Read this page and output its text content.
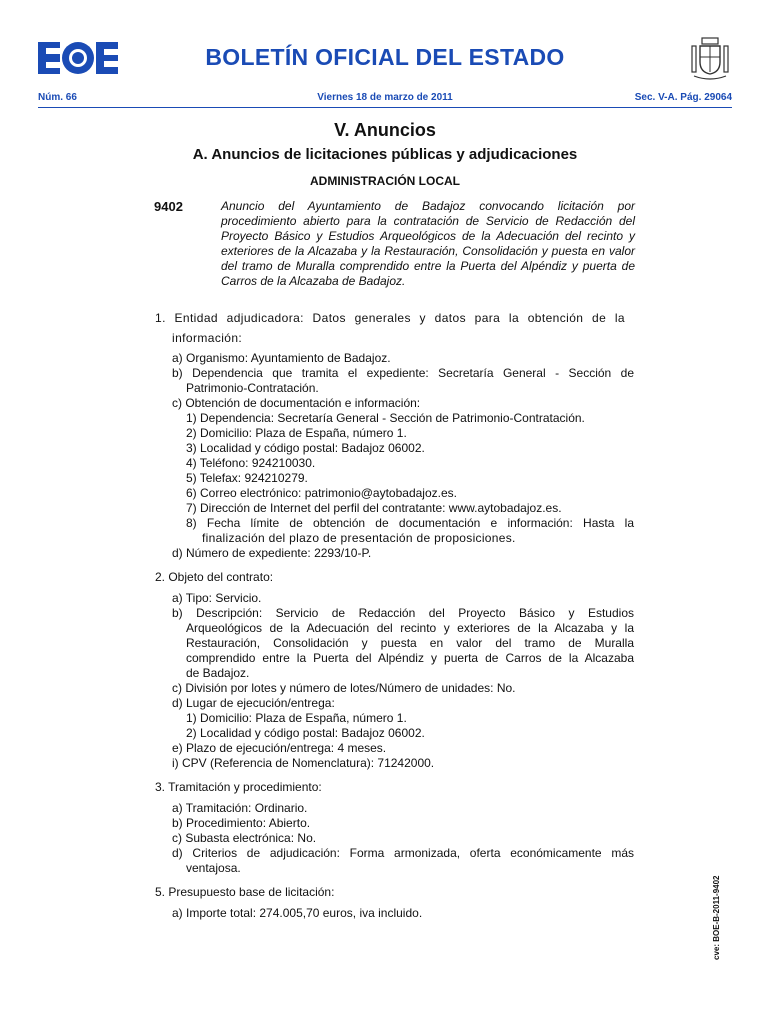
BOLETÍN OFICIAL DEL ESTADO
Núm. 66	Viernes 18 de marzo de 2011	Sec. V-A. Pág. 29064
V. Anuncios
A. Anuncios de licitaciones públicas y adjudicaciones
ADMINISTRACIÓN LOCAL
9402	Anuncio del Ayuntamiento de Badajoz convocando licitación por procedimiento abierto para la contratación de Servicio de Redacción del Proyecto Básico y Estudios Arqueológicos de la Adecuación del recinto y exteriores de la Alcazaba y la Restauración, Consolidación y puesta en valor del tramo de Muralla comprendido entre la Puerta del Alpéndiz y puerta de Carros de la Alcazaba de Badajoz.
1. Entidad adjudicadora: Datos generales y datos para la obtención de la
información:
a) Organismo: Ayuntamiento de Badajoz.
b) Dependencia que tramita el expediente: Secretaría General - Sección de
Patrimonio-Contratación.
c) Obtención de documentación e información:
1) Dependencia: Secretaría General - Sección de Patrimonio-Contratación.
2) Domicilio: Plaza de España, número 1.
3) Localidad y código postal: Badajoz 06002.
4) Teléfono: 924210030.
5) Telefax: 924210279.
6) Correo electrónico: patrimonio@aytobadajoz.es.
7) Dirección de Internet del perfil del contratante: www.aytobadajoz.es.
8) Fecha límite de obtención de documentación e información: Hasta la
finalización del plazo de presentación de proposiciones.
d) Número de expediente: 2293/10-P.
2. Objeto del contrato:
a) Tipo: Servicio.
b) Descripción: Servicio de Redacción del Proyecto Básico y Estudios
Arqueológicos de la Adecuación del recinto y exteriores de la Alcazaba y la
Restauración, Consolidación y puesta en valor del tramo de Muralla
comprendido entre la Puerta del Alpéndiz y puerta de Carros de la Alcazaba
de Badajoz.
c) División por lotes y número de lotes/Número de unidades: No.
d) Lugar de ejecución/entrega:
1) Domicilio: Plaza de España, número 1.
2) Localidad y código postal: Badajoz 06002.
e) Plazo de ejecución/entrega: 4 meses.
i) CPV (Referencia de Nomenclatura): 71242000.
3. Tramitación y procedimiento:
a) Tramitación: Ordinario.
b) Procedimiento: Abierto.
c) Subasta electrónica: No.
d) Criterios de adjudicación: Forma armonizada, oferta económicamente más
ventajosa.
5. Presupuesto base de licitación:
a) Importe total: 274.005,70 euros, iva incluido.	cve: BOE-B-2011-9402
